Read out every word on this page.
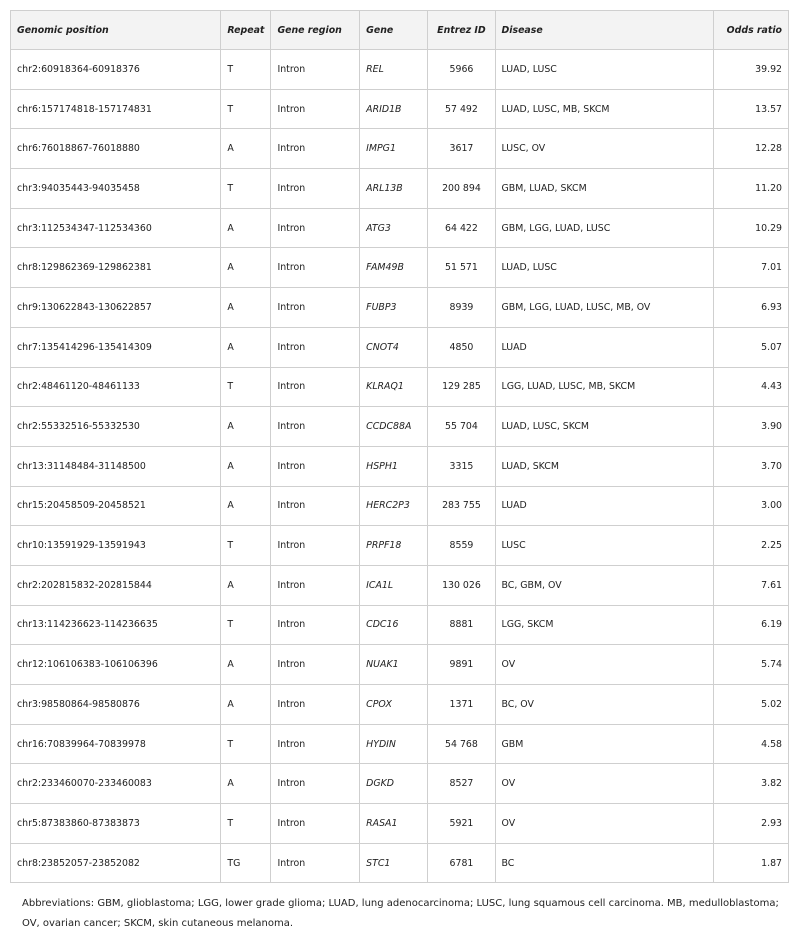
Genomic position	Repeat	Gene region	Gene	Entrez ID	Disease	Odds ratio
chr2:60918364-60918376	T	Intron	REL	5966	LUAD, LUSC	39.92
chr6:157174818-157174831	T	Intron	ARID1B	57 492	LUAD, LUSC, MB, SKCM	13.57
chr6:76018867-76018880	A	Intron	IMPG1	3617	LUSC, OV	12.28
chr3:94035443-94035458	T	Intron	ARL13B	200 894	GBM, LUAD, SKCM	11.20
chr3:112534347-112534360	A	Intron	ATG3	64 422	GBM, LGG, LUAD, LUSC	10.29
chr8:129862369-129862381	A	Intron	FAM49B	51 571	LUAD, LUSC	7.01
chr9:130622843-130622857	A	Intron	FUBP3	8939	GBM, LGG, LUAD, LUSC, MB, OV	6.93
chr7:135414296-135414309	A	Intron	CNOT4	4850	LUAD	5.07
chr2:48461120-48461133	T	Intron	KLRAQ1	129 285	LGG, LUAD, LUSC, MB, SKCM	4.43
chr2:55332516-55332530	A	Intron	CCDC88A	55 704	LUAD, LUSC, SKCM	3.90
chr13:31148484-31148500	A	Intron	HSPH1	3315	LUAD, SKCM	3.70
chr15:20458509-20458521	A	Intron	HERC2P3	283 755	LUAD	3.00
chr10:13591929-13591943	T	Intron	PRPF18	8559	LUSC	2.25
chr2:202815832-202815844	A	Intron	ICA1L	130 026	BC, GBM, OV	7.61
chr13:114236623-114236635	T	Intron	CDC16	8881	LGG, SKCM	6.19
chr12:106106383-106106396	A	Intron	NUAK1	9891	OV	5.74
chr3:98580864-98580876	A	Intron	CPOX	1371	BC, OV	5.02
chr16:70839964-70839978	T	Intron	HYDIN	54 768	GBM	4.58
chr2:233460070-233460083	A	Intron	DGKD	8527	OV	3.82
chr5:87383860-87383873	T	Intron	RASA1	5921	OV	2.93
chr8:23852057-23852082	TG	Intron	STC1	6781	BC	1.87
Abbreviations: GBM, glioblastoma; LGG, lower grade glioma; LUAD, lung adenocarcinoma; LUSC, lung squamous cell carcinoma. MB, medulloblastoma; OV, ovarian cancer; SKCM, skin cutaneous melanoma.
